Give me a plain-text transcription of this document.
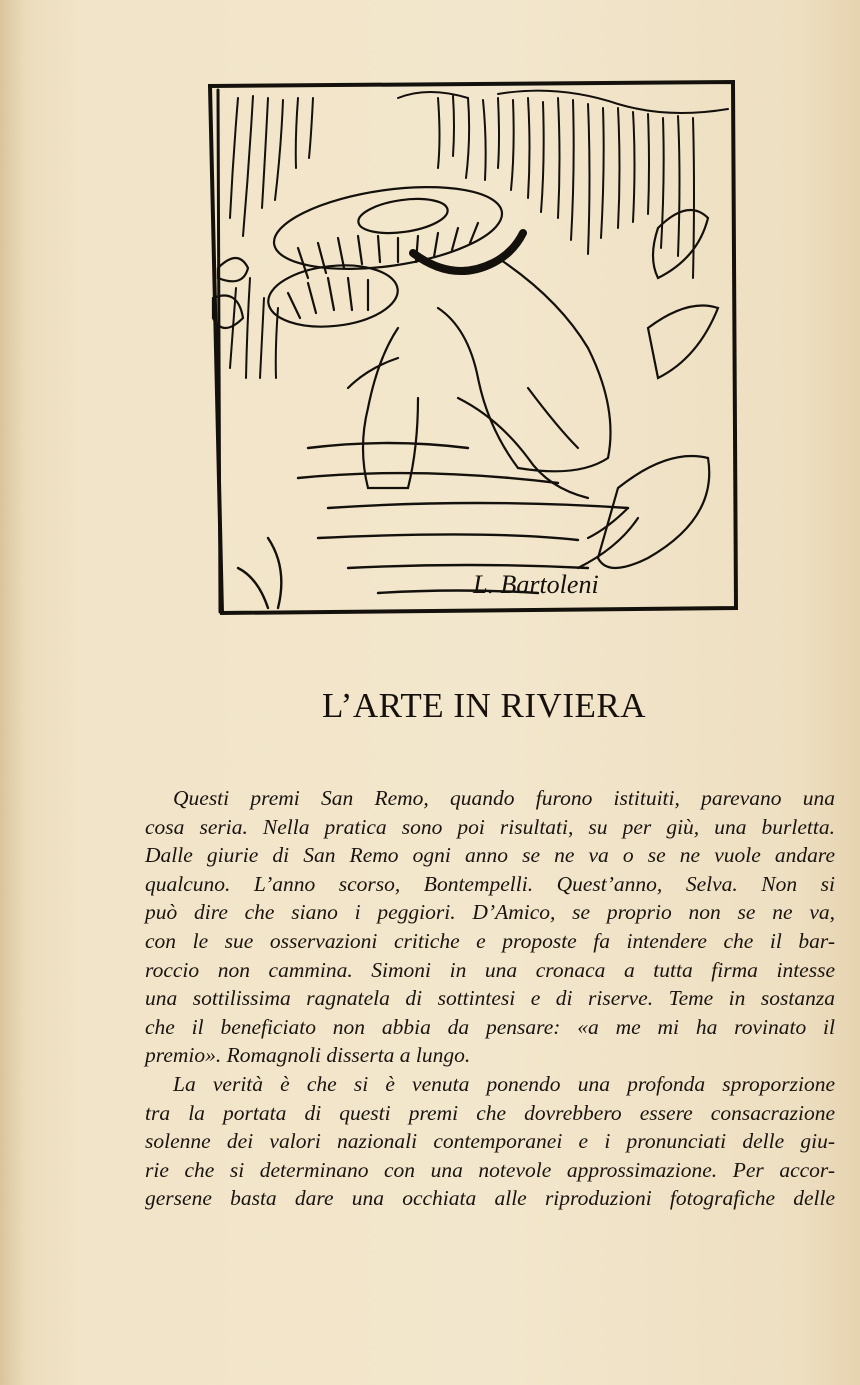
L. Bartoleni
L’ARTE IN RIVIERA
Questi premi San Remo, quando furono istituiti, parevano una
cosa seria. Nella pratica sono poi risultati, su per giù, una burletta.
Dalle giurie di San Remo ogni anno se ne va o se ne vuole andare
qualcuno. L’anno scorso, Bontempelli. Quest’anno, Selva. Non si
può dire che siano i peggiori. D’Amico, se proprio non se ne va,
con le sue osservazioni critiche e proposte fa intendere che il bar-
roccio non cammina. Simoni in una cronaca a tutta firma intesse
una sottilissima ragnatela di sottintesi e di riserve. Teme in sostanza
che il beneficiato non abbia da pensare: «a me mi ha rovinato il
premio». Romagnoli disserta a lungo.
La verità è che si è venuta ponendo una profonda sproporzione
tra la portata di questi premi che dovrebbero essere consacrazione
solenne dei valori nazionali contemporanei e i pronunciati delle giu-
rie che si determinano con una notevole approssimazione. Per accor-
gersene basta dare una occhiata alle riproduzioni fotografiche delle
